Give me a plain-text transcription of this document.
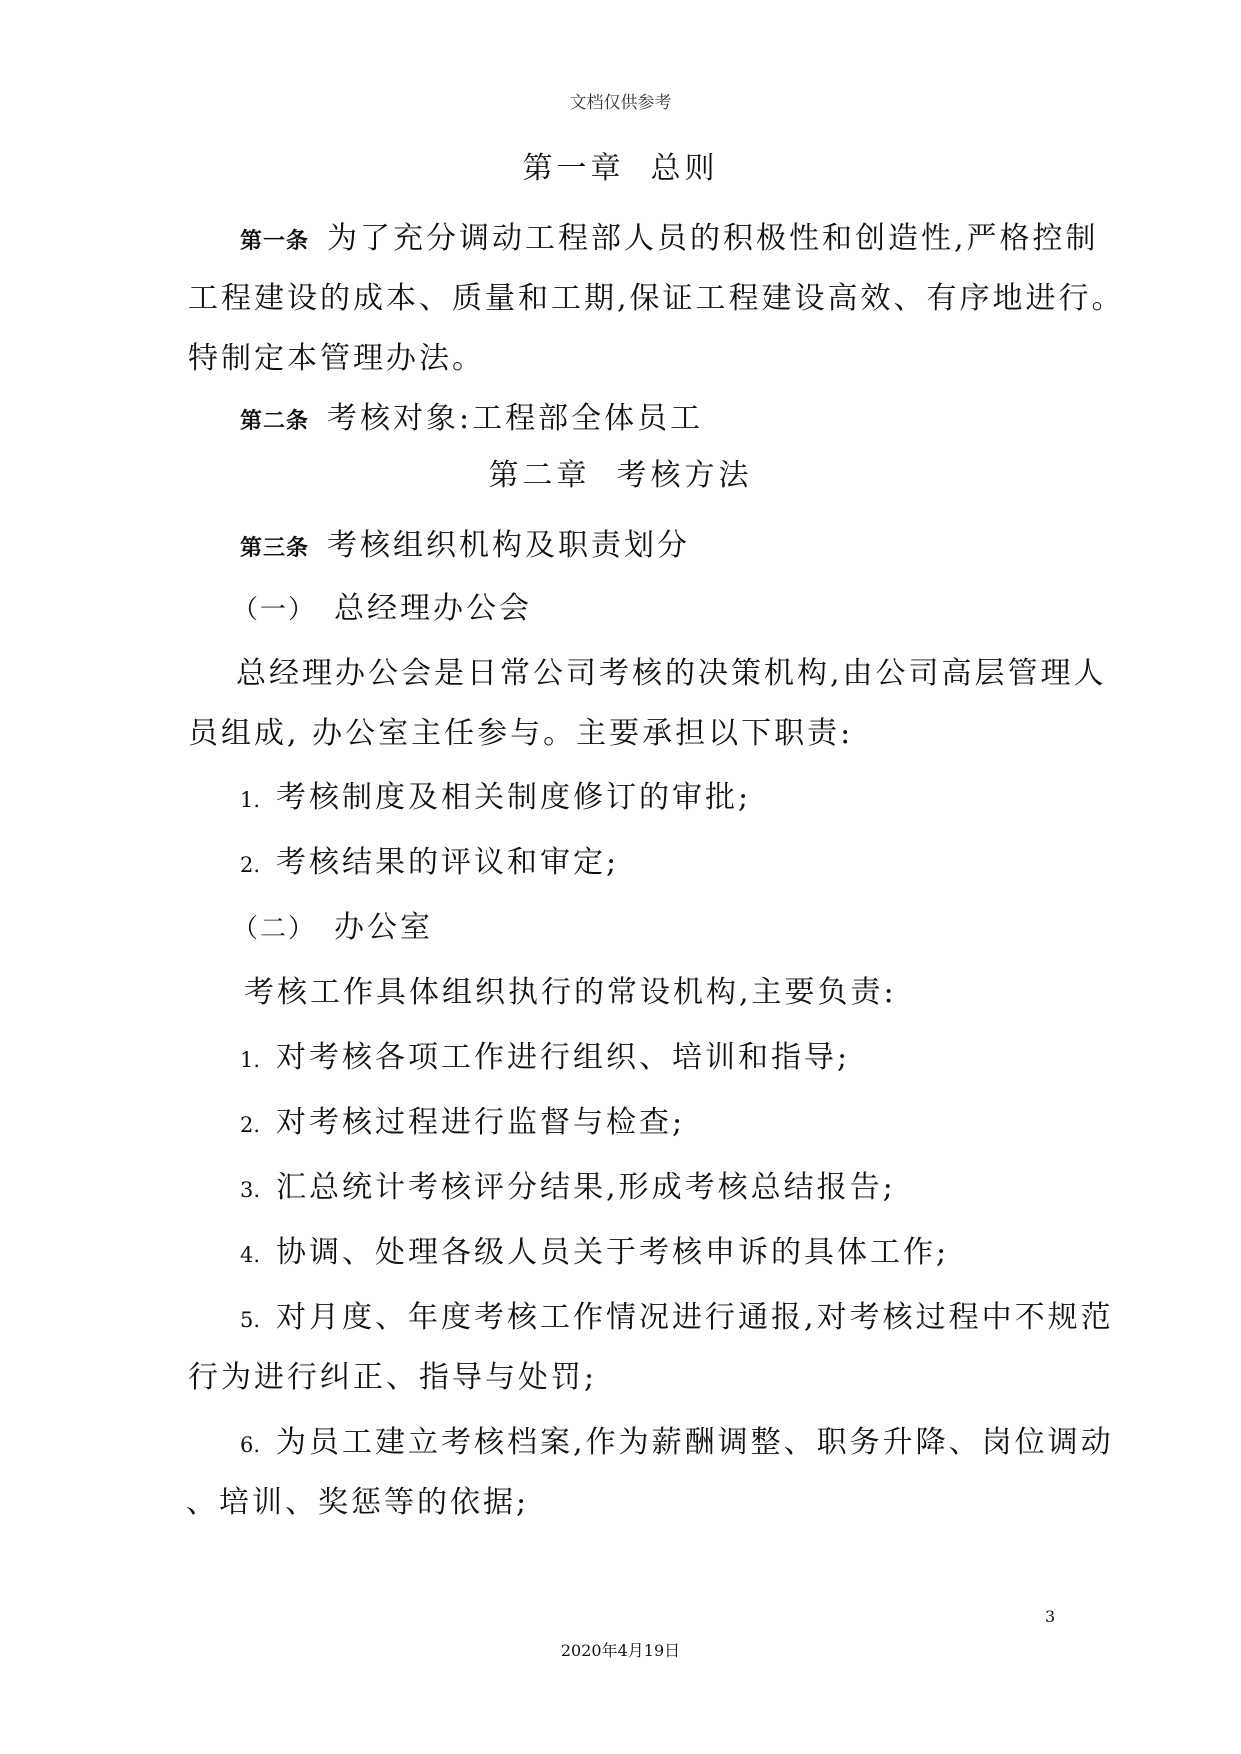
文档仅供参考
第一章 总则
第一条 为了充分调动工程部人员的积极性和创造性,严格控制
工程建设的成本、质量和工期,保证工程建设高效、有序地进行。
特制定本管理办法。
第二条 考核对象:工程部全体员工
第二章 考核方法
第三条 考核组织机构及职责划分
（一） 总经理办公会
总经理办公会是日常公司考核的决策机构,由公司高层管理人
员组成, 办公室主任参与。主要承担以下职责:
1. 考核制度及相关制度修订的审批;
2. 考核结果的评议和审定;
（二） 办公室
考核工作具体组织执行的常设机构,主要负责:
1. 对考核各项工作进行组织、培训和指导;
2. 对考核过程进行监督与检查;
3. 汇总统计考核评分结果,形成考核总结报告;
4. 协调、处理各级人员关于考核申诉的具体工作;
5. 对月度、年度考核工作情况进行通报,对考核过程中不规范
行为进行纠正、指导与处罚;
6. 为员工建立考核档案,作为薪酬调整、职务升降、岗位调动
、培训、奖惩等的依据;
3
2020年4月19日
